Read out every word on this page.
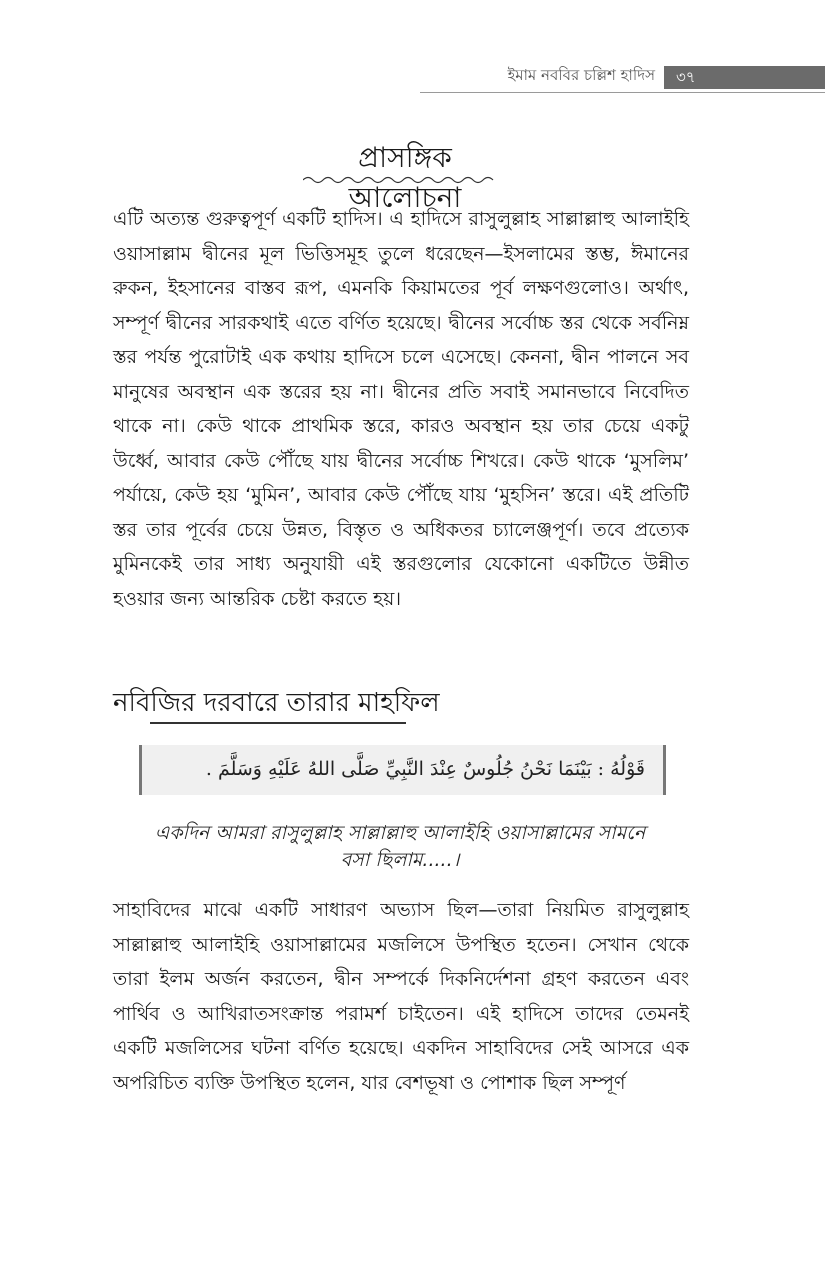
ইমাম নববির চল্লিশ হাদিস ৩৭
প্রাসঙ্গিক আলোচনা

এটি অত্যন্ত গুরুত্বপূর্ণ একটি হাদিস। এ হাদিসে রাসুলুল্লাহ সাল্লাল্লাহু আলাইহি ওয়াসাল্লাম দ্বীনের মূল ভিত্তিসমূহ তুলে ধরেছেন—ইসলামের স্তম্ভ, ঈমানের রুকন, ইহসানের বাস্তব রূপ, এমনকি কিয়ামতের পূর্ব লক্ষণগুলোও। অর্থাৎ, সম্পূর্ণ দ্বীনের সারকথাই এতে বর্ণিত হয়েছে। দ্বীনের সর্বোচ্চ স্তর থেকে সর্বনিম্ন স্তর পর্যন্ত পুরোটাই এক কথায় হাদিসে চলে এসেছে। কেননা, দ্বীন পালনে সব মানুষের অবস্থান এক স্তরের হয় না। দ্বীনের প্রতি সবাই সমানভাবে নিবেদিত থাকে না। কেউ থাকে প্রাথমিক স্তরে, কারও অবস্থান হয় তার চেয়ে একটু উর্ধ্বে, আবার কেউ পৌঁছে যায় দ্বীনের সর্বোচ্চ শিখরে। কেউ থাকে ‘মুসলিম’ পর্যায়ে, কেউ হয় ‘মুমিন’, আবার কেউ পৌঁছে যায় ‘মুহসিন’ স্তরে। এই প্রতিটি স্তর তার পূর্বের চেয়ে উন্নত, বিস্তৃত ও অধিকতর চ্যালেঞ্জপূর্ণ। তবে প্রত্যেক মুমিনকেই তার সাধ্য অনুযায়ী এই স্তরগুলোর যেকোনো একটিতে উন্নীত হওয়ার জন্য আন্তরিক চেষ্টা করতে হয়।

নবিজির দরবারে তারার মাহফিল
قَوْلُهُ : بَيْنَمَا نَحْنُ جُلُوسٌ عِنْدَ النَّبِيِّ صَلَّى اللهُ عَلَيْهِ وَسَلَّمَ .
একদিন আমরা রাসুলুল্লাহ সাল্লাল্লাহু আলাইহি ওয়াসাল্লামের সামনে বসা ছিলাম.....।

সাহাবিদের মাঝে একটি সাধারণ অভ্যাস ছিল—তারা নিয়মিত রাসুলুল্লাহ সাল্লাল্লাহু আলাইহি ওয়াসাল্লামের মজলিসে উপস্থিত হতেন। সেখান থেকে তারা ইলম অর্জন করতেন, দ্বীন সম্পর্কে দিকনির্দেশনা গ্রহণ করতেন এবং পার্থিব ও আখিরাতসংক্রান্ত পরামর্শ চাইতেন। এই হাদিসে তাদের তেমনই একটি মজলিসের ঘটনা বর্ণিত হয়েছে। একদিন সাহাবিদের সেই আসরে এক অপরিচিত ব্যক্তি উপস্থিত হলেন, যার বেশভূষা ও পোশাক ছিল সম্পূর্ণ
